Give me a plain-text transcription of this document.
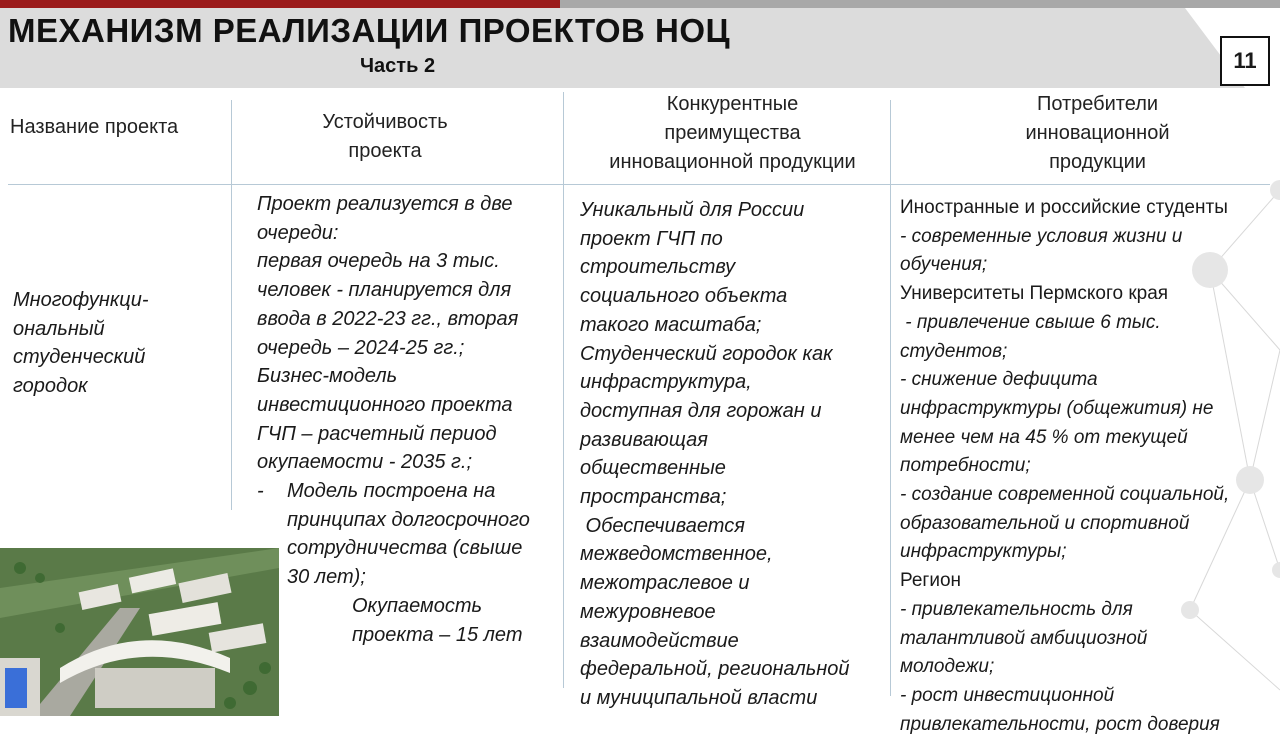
МЕХАНИЗМ РЕАЛИЗАЦИИ ПРОЕКТОВ НОЦ
Часть 2	11
Название проекта	Устойчивость
проекта
Конкурентные
преимущества
инновационной продукции
Потребители
инновационной
продукции
Многофункци-
ональный
студенческий
городок
Проект реализуется в две
очереди:
первая очередь на 3 тыс.
человек - планируется для
ввода в 2022-23 гг., вторая
очередь – 2024-25 гг.;
Бизнес-модель
инвестиционного проекта
ГЧП – расчетный период
окупаемости - 2035 г.;
- Модель построена на
принципах долгосрочного
сотрудничества (свыше
30 лет);
Окупаемость
проекта – 15 лет
Уникальный для России
проект ГЧП по
строительству
социального объекта
такого масштаба;
Студенческий городок как
инфраструктура,
доступная для горожан и
развивающая
общественные
пространства;
Обеспечивается
межведомственное,
межотраслевое и
межуровневое
взаимодействие
федеральной, региональной
и муниципальной власти
Иностранные и российские студенты
- современные условия жизни и
обучения;
Университеты Пермского края
- привлечение свыше 6 тыс.
студентов;
- снижение дефицита
инфраструктуры (общежития) не
менее чем на 45 % от текущей
потребности;
- создание современной социальной,
образовательной и спортивной
инфраструктуры;
Регион
- привлекательность для
талантливой амбициозной
молодежи;
- рост инвестиционной
привлекательности, рост доверия
